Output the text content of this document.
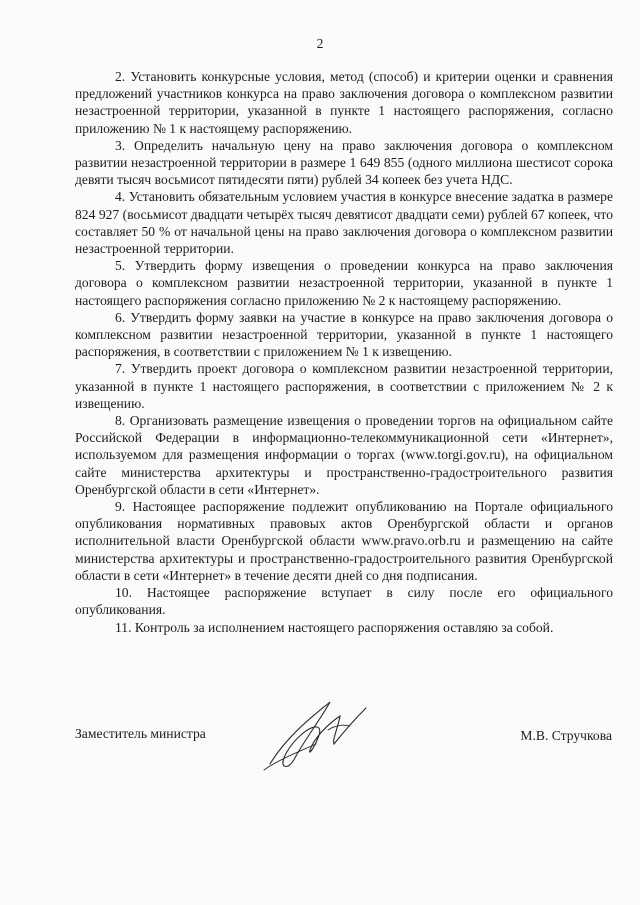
2

2. Установить конкурсные условия, метод (способ) и критерии оценки и сравнения предложений участников конкурса на право заключения договора о комплексном развитии незастроенной территории, указанной в пункте 1 настоящего распоряжения, согласно приложению № 1 к настоящему распоряжению.

3. Определить начальную цену на право заключения договора о комплексном развитии незастроенной территории в размере 1 649 855 (одного миллиона шестисот сорока девяти тысяч восьмисот пятидесяти пяти) рублей 34 копеек без учета НДС.

4. Установить обязательным условием участия в конкурсе внесение задатка в размере 824 927 (восьмисот двадцати четырёх тысяч девятисот двадцати семи) рублей 67 копеек, что составляет 50 % от начальной цены на право заключения договора о комплексном развитии незастроенной территории.

5. Утвердить форму извещения о проведении конкурса на право заключения договора о комплексном развитии незастроенной территории, указанной в пункте 1 настоящего распоряжения согласно приложению № 2 к настоящему распоряжению.

6. Утвердить форму заявки на участие в конкурсе на право заключения договора о комплексном развитии незастроенной территории, указанной в пункте 1 настоящего распоряжения, в соответствии с приложением № 1 к извещению.

7. Утвердить проект договора о комплексном развитии незастроенной территории, указанной в пункте 1 настоящего распоряжения, в соответствии с приложением № 2 к извещению.

8. Организовать размещение извещения о проведении торгов на официальном сайте Российской Федерации в информационно-телекоммуникационной сети «Интернет», используемом для размещения информации о торгах (www.torgi.gov.ru), на официальном сайте министерства архитектуры и пространственно-градостроительного развития Оренбургской области в сети «Интернет».

9. Настоящее распоряжение подлежит опубликованию на Портале официального опубликования нормативных правовых актов Оренбургской области и органов исполнительной власти Оренбургской области www.pravo.orb.ru и размещению на сайте министерства архитектуры и пространственно-градостроительного развития Оренбургской области в сети «Интернет» в течение десяти дней со дня подписания.

10. Настоящее распоряжение вступает в силу после его официального опубликования.

11. Контроль за исполнением настоящего распоряжения оставляю за собой.

Заместитель министра	М.В. Стручкова
